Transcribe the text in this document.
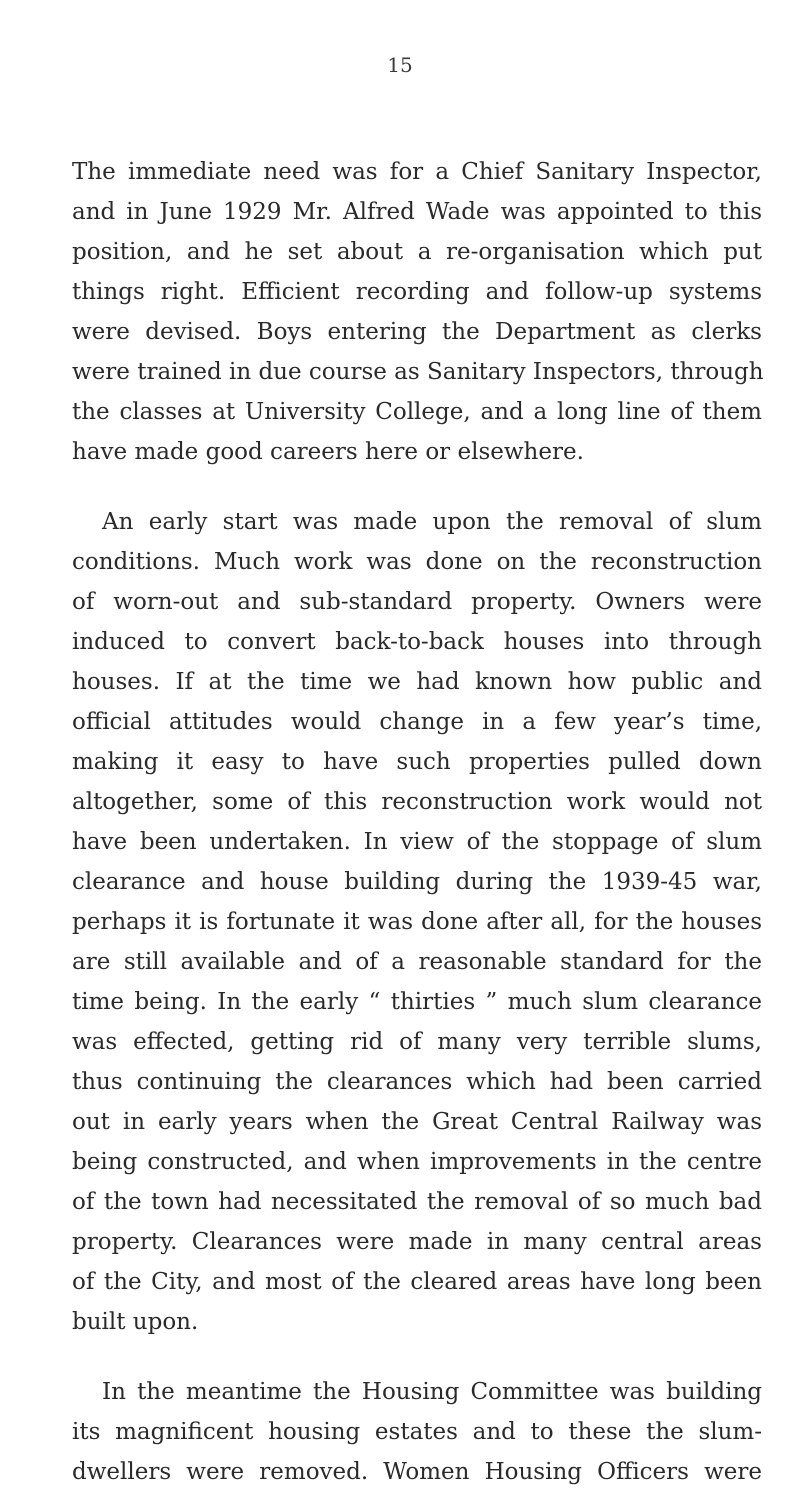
15
The immediate need was for a Chief Sanitary Inspector,
and in June 1929 Mr. Alfred Wade was appointed to this
position, and he set about a re-organisation which put
things right. Efficient recording and follow-up systems
were devised. Boys entering the Department as clerks
were trained in due course as Sanitary Inspectors, through
the classes at University College, and a long line of them
have made good careers here or elsewhere.
An early start was made upon the removal of slum
conditions. Much work was done on the reconstruction
of worn-out and sub-standard property. Owners were
induced to convert back-to-back houses into through
houses. If at the time we had known how public and
official attitudes would change in a few year’s time,
making it easy to have such properties pulled down
altogether, some of this reconstruction work would not
have been undertaken. In view of the stoppage of slum
clearance and house building during the 1939-45 war,
perhaps it is fortunate it was done after all, for the houses
are still available and of a reasonable standard for the
time being. In the early “ thirties ” much slum clearance
was effected, getting rid of many very terrible slums,
thus continuing the clearances which had been carried
out in early years when the Great Central Railway was
being constructed, and when improvements in the centre
of the town had necessitated the removal of so much bad
property. Clearances were made in many central areas
of the City, and most of the cleared areas have long been
built upon.
In the meantime the Housing Committee was building
its magnificent housing estates and to these the slum-
dwellers were removed. Women Housing Officers were
